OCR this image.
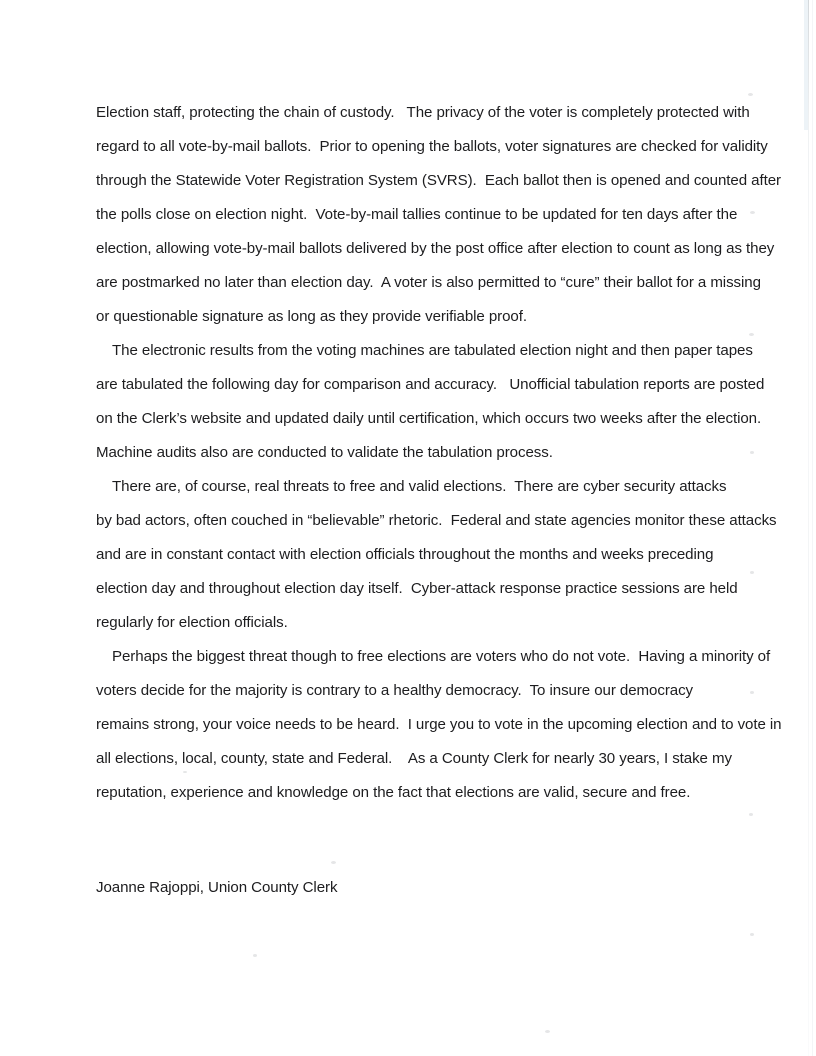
Election staff, protecting the chain of custody.   The privacy of the voter is completely protected with

regard to all vote-by-mail ballots.  Prior to opening the ballots, voter signatures are checked for validity

through the Statewide Voter Registration System (SVRS).  Each ballot then is opened and counted after

the polls close on election night.  Vote-by-mail tallies continue to be updated for ten days after the

election, allowing vote-by-mail ballots delivered by the post office after election to count as long as they

are postmarked no later than election day.  A voter is also permitted to “cure” their ballot for a missing

or questionable signature as long as they provide verifiable proof.

The electronic results from the voting machines are tabulated election night and then paper tapes

are tabulated the following day for comparison and accuracy.   Unofficial tabulation reports are posted

on the Clerk’s website and updated daily until certification, which occurs two weeks after the election.

Machine audits also are conducted to validate the tabulation process.

There are, of course, real threats to free and valid elections.  There are cyber security attacks

by bad actors, often couched in “believable” rhetoric.  Federal and state agencies monitor these attacks

and are in constant contact with election officials throughout the months and weeks preceding

election day and throughout election day itself.  Cyber-attack response practice sessions are held

regularly for election officials.

Perhaps the biggest threat though to free elections are voters who do not vote.  Having a minority of

voters decide for the majority is contrary to a healthy democracy.  To insure our democracy

remains strong, your voice needs to be heard.  I urge you to vote in the upcoming election and to vote in

all elections, local, county, state and Federal.    As a County Clerk for nearly 30 years, I stake my

reputation, experience and knowledge on the fact that elections are valid, secure and free.

Joanne Rajoppi, Union County Clerk
